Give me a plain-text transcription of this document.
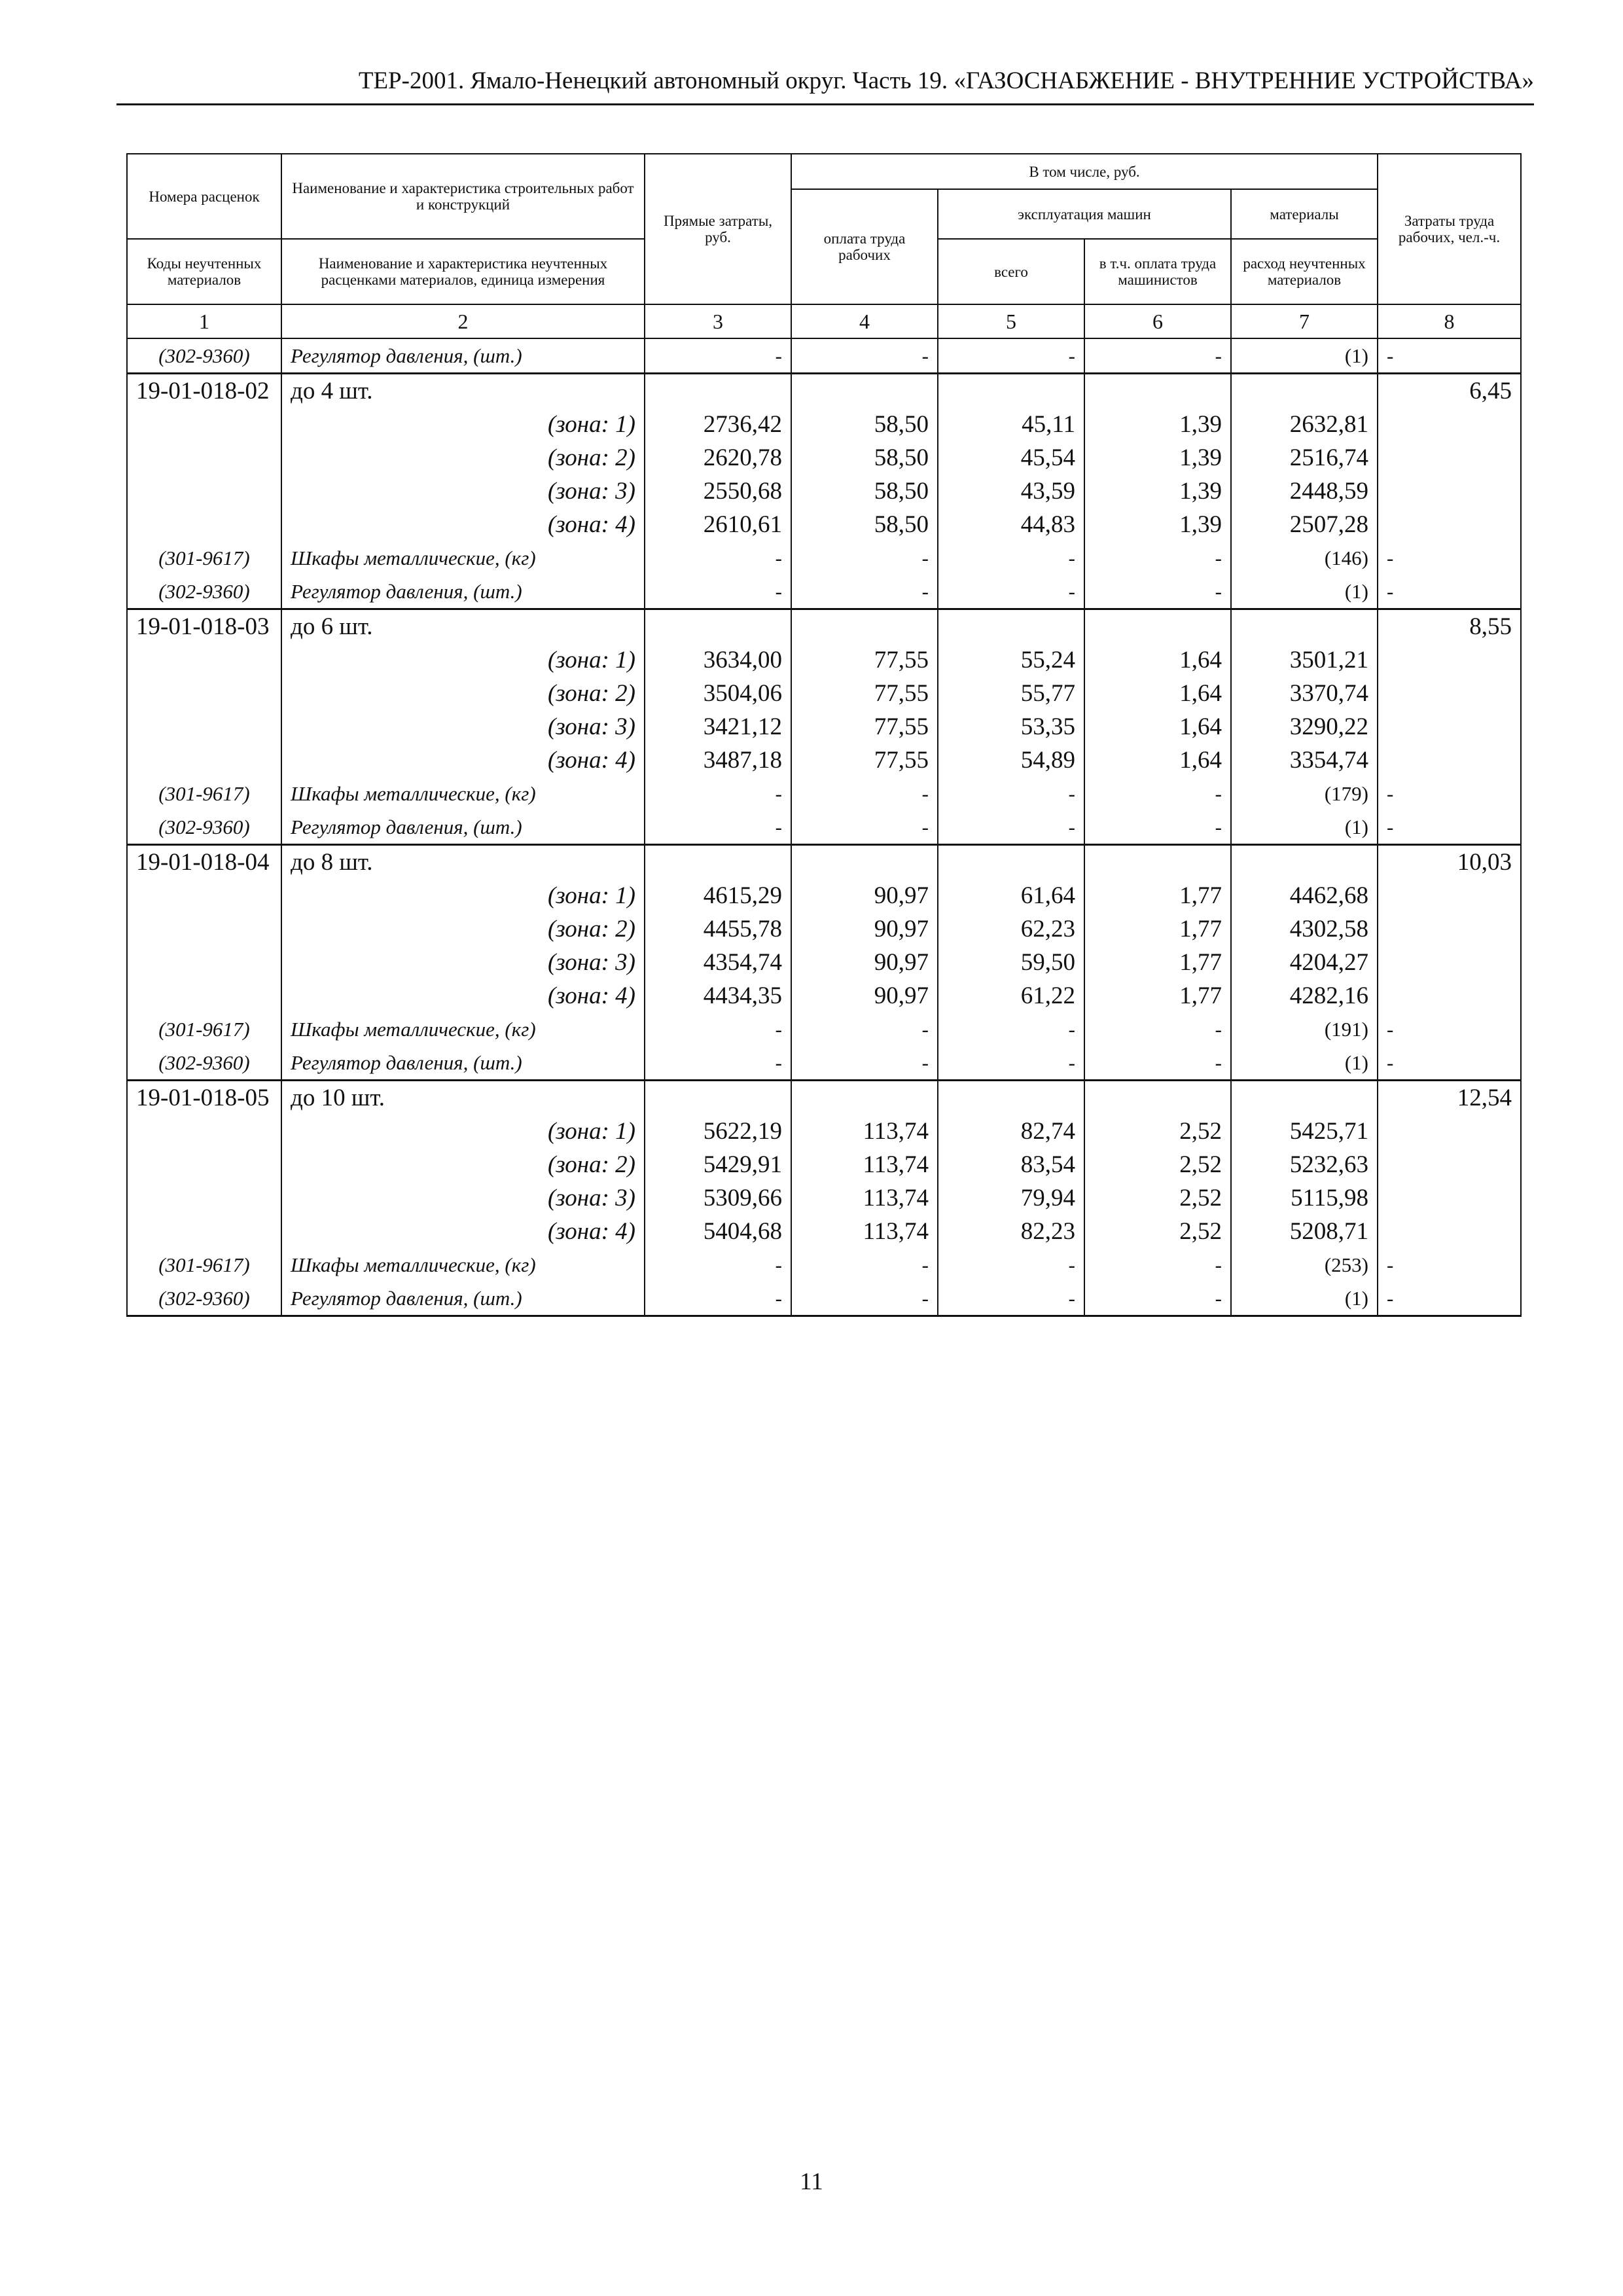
ТЕР-2001. Ямало-Ненецкий автономный округ. Часть 19. «ГАЗОСНАБЖЕНИЕ - ВНУТРЕННИЕ УСТРОЙСТВА»
Номера расценок	Наименование и характеристика строительных работ и конструкций	Прямые затраты, руб.	В том числе, руб.				Затраты труда рабочих, чел.-ч.
			оплата труда рабочих	эксплуатация машин		материалы	
Коды неучтенных материалов	Наименование и характеристика неучтенных расценками материалов, единица измерения			всего	в т.ч. оплата труда машинистов	расход неучтенных материалов	
1	2	3	4	5	6	7	8
(302-9360)	Регулятор давления, (шт.)	-	-	-	-	(1)	-
19-01-018-02	до 4 шт.						6,45
	(зона: 1)	2736,42	58,50	45,11	1,39	2632,81	
	(зона: 2)	2620,78	58,50	45,54	1,39	2516,74	
	(зона: 3)	2550,68	58,50	43,59	1,39	2448,59	
	(зона: 4)	2610,61	58,50	44,83	1,39	2507,28	
(301-9617)	Шкафы металлические, (кг)	-	-	-	-	(146)	-
(302-9360)	Регулятор давления, (шт.)	-	-	-	-	(1)	-
19-01-018-03	до 6 шт.						8,55
	(зона: 1)	3634,00	77,55	55,24	1,64	3501,21	
	(зона: 2)	3504,06	77,55	55,77	1,64	3370,74	
	(зона: 3)	3421,12	77,55	53,35	1,64	3290,22	
	(зона: 4)	3487,18	77,55	54,89	1,64	3354,74	
(301-9617)	Шкафы металлические, (кг)	-	-	-	-	(179)	-
(302-9360)	Регулятор давления, (шт.)	-	-	-	-	(1)	-
19-01-018-04	до 8 шт.						10,03
	(зона: 1)	4615,29	90,97	61,64	1,77	4462,68	
	(зона: 2)	4455,78	90,97	62,23	1,77	4302,58	
	(зона: 3)	4354,74	90,97	59,50	1,77	4204,27	
	(зона: 4)	4434,35	90,97	61,22	1,77	4282,16	
(301-9617)	Шкафы металлические, (кг)	-	-	-	-	(191)	-
(302-9360)	Регулятор давления, (шт.)	-	-	-	-	(1)	-
19-01-018-05	до 10 шт.						12,54
	(зона: 1)	5622,19	113,74	82,74	2,52	5425,71	
	(зона: 2)	5429,91	113,74	83,54	2,52	5232,63	
	(зона: 3)	5309,66	113,74	79,94	2,52	5115,98	
	(зона: 4)	5404,68	113,74	82,23	2,52	5208,71	
(301-9617)	Шкафы металлические, (кг)	-	-	-	-	(253)	-
(302-9360)	Регулятор давления, (шт.)	-	-	-	-	(1)	-
11
